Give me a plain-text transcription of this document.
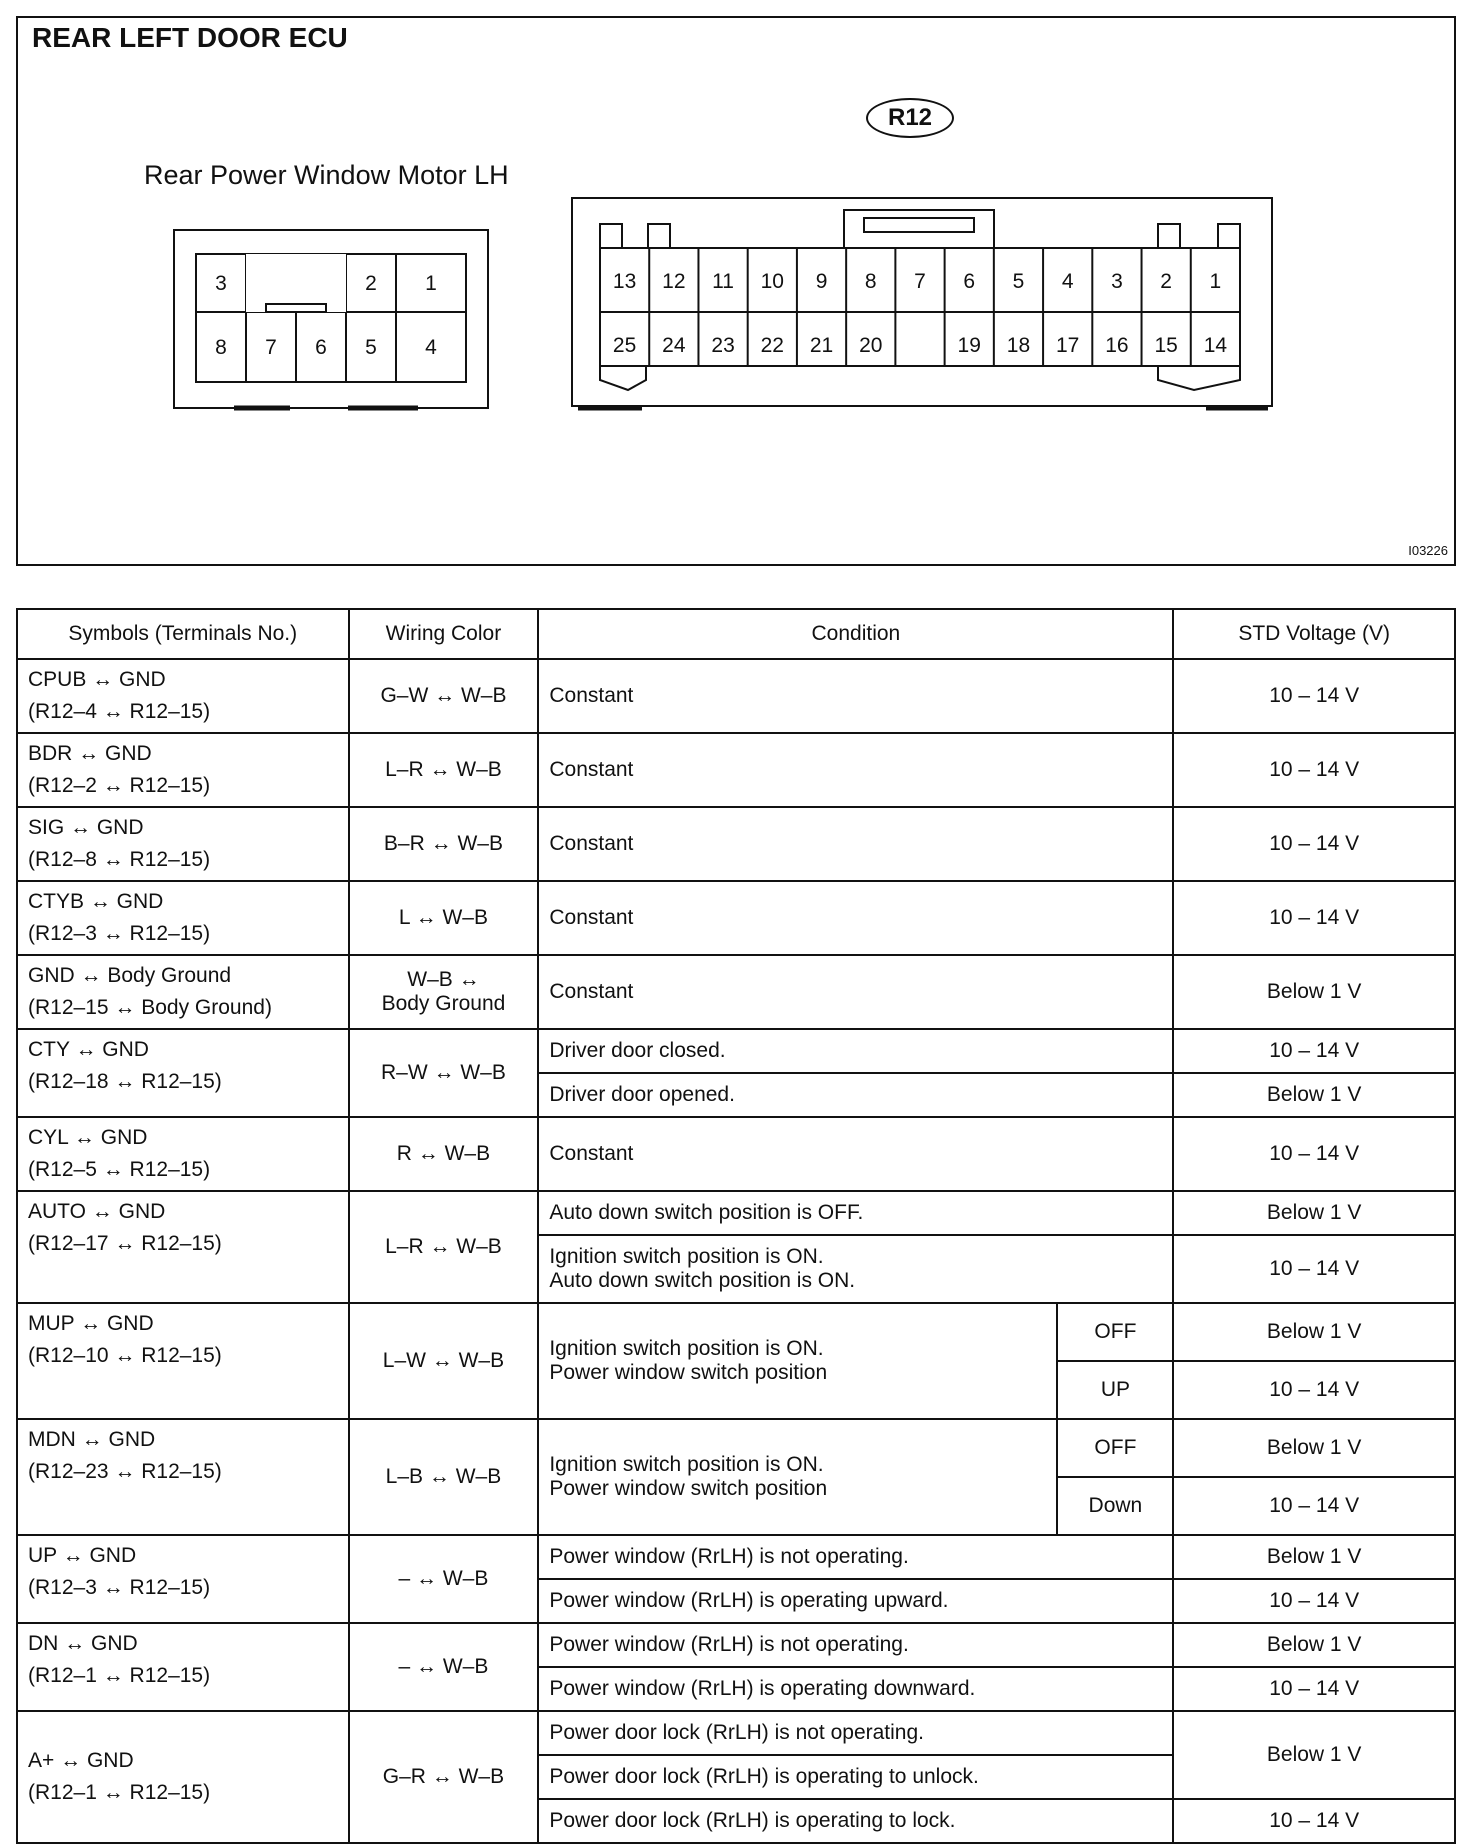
REAR LEFT DOOR ECU
Rear Power Window Motor LH
R12
I03226
3	2 1
8 7 6 5 4
13 12 11 10 9 8 7 6 5 4 3 2 1
25 24 23 22 21 20	19 18 17 16 15 14
Symbols (Terminals No.)	Wiring Color	Condition		STD Voltage (V)

CPUB ↔ GND
(R12–4 ↔ R12–15)	G–W ↔ W–B	Constant		10 – 14 V

BDR ↔ GND
(R12–2 ↔ R12–15)	L–R ↔ W–B	Constant		10 – 14 V

SIG ↔ GND
(R12–8 ↔ R12–15)	B–R ↔ W–B	Constant		10 – 14 V

CTYB ↔ GND
(R12–3 ↔ R12–15)	L ↔ W–B	Constant		10 – 14 V

GND ↔ Body Ground
(R12–15 ↔ Body Ground)	W–B ↔
Body Ground	Constant		Below 1 V

CTY ↔ GND
(R12–18 ↔ R12–15)	R–W ↔ W–B	Driver door closed.		10 – 14 V
		Driver door opened.		Below 1 V

CYL ↔ GND
(R12–5 ↔ R12–15)	R ↔ W–B	Constant		10 – 14 V

AUTO ↔ GND
(R12–17 ↔ R12–15)	L–R ↔ W–B	Auto down switch position is OFF.		Below 1 V

		Ignition switch position is ON.
Auto down switch position is ON.		10 – 14 V

MUP ↔ GND
(R12–10 ↔ R12–15)	L–W ↔ W–B	Ignition switch position is ON.
Power window switch position	OFF	Below 1 V
			UP	10 – 14 V

MDN ↔ GND
(R12–23 ↔ R12–15)	L–B ↔ W–B	Ignition switch position is ON.
Power window switch position	OFF	Below 1 V
			Down	10 – 14 V

UP ↔ GND
(R12–3 ↔ R12–15)	– ↔ W–B	Power window (RrLH) is not operating.		Below 1 V
		Power window (RrLH) is operating upward.		10 – 14 V

DN ↔ GND
(R12–1 ↔ R12–15)	– ↔ W–B	Power window (RrLH) is not operating.		Below 1 V
		Power window (RrLH) is operating downward.		10 – 14 V

A+ ↔ GND
(R12–1 ↔ R12–15)	G–R ↔ W–B	Power door lock (RrLH) is not operating.		Below 1 V
		Power door lock (RrLH) is operating to unlock.		
		Power door lock (RrLH) is operating to lock.		10 – 14 V
